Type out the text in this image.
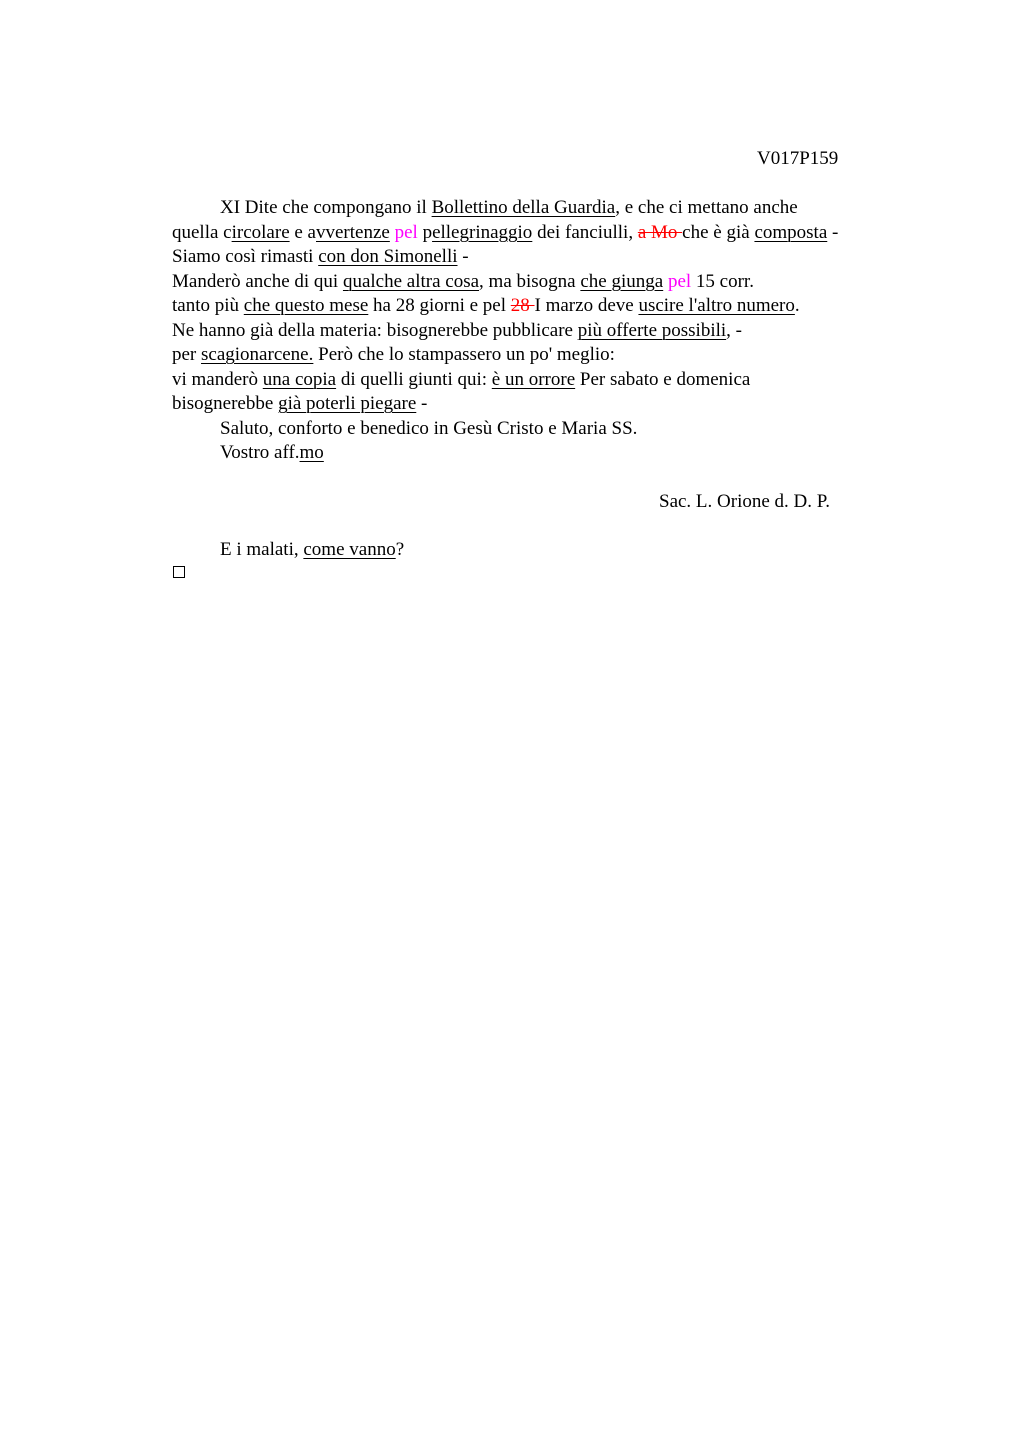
V017P159
XI Dite che compongano il Bollettino della Guardia, e che ci mettano anche
quella circolare e avvertenze pel pellegrinaggio dei fanciulli, a Mo che è già composta -
Siamo così rimasti con don Simonelli -
Manderò anche di qui qualche altra cosa, ma bisogna che giunga pel 15 corr.
tanto più che questo mese ha 28 giorni e pel 28 I marzo deve uscire l'altro numero.
Ne hanno già della materia: bisognerebbe pubblicare più offerte possibili, -
per scagionarcene. Però che lo stampassero un po' meglio:
vi manderò una copia di quelli giunti qui: è un orrore Per sabato e domenica
bisognerebbe già poterli piegare -
Saluto, conforto e benedico in Gesù Cristo e Maria SS.
Vostro aff.mo
Sac. L. Orione d. D. P.
E i malati, come vanno?
